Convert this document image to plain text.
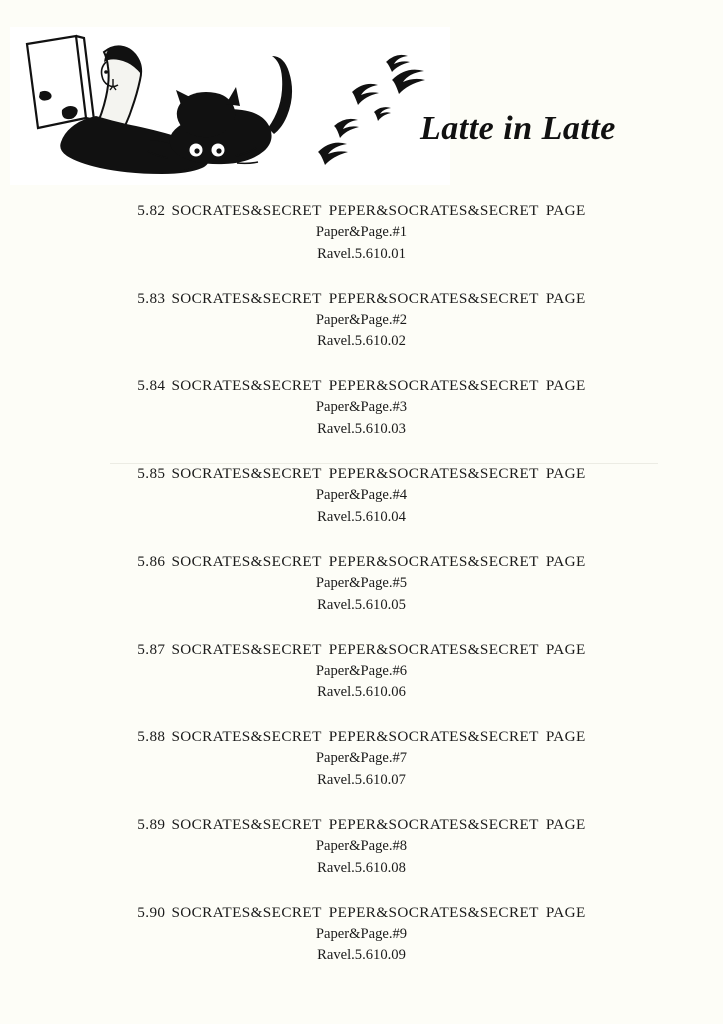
Latte in Latte
5.82 SOCRATES&SECRET PEPER&SOCRATES&SECRET PAGE
Paper&Page.#1
Ravel.5.610.01
5.83 SOCRATES&SECRET PEPER&SOCRATES&SECRET PAGE
Paper&Page.#2
Ravel.5.610.02
5.84 SOCRATES&SECRET PEPER&SOCRATES&SECRET PAGE
Paper&Page.#3
Ravel.5.610.03
5.85 SOCRATES&SECRET PEPER&SOCRATES&SECRET PAGE
Paper&Page.#4
Ravel.5.610.04
5.86 SOCRATES&SECRET PEPER&SOCRATES&SECRET PAGE
Paper&Page.#5
Ravel.5.610.05
5.87 SOCRATES&SECRET PEPER&SOCRATES&SECRET PAGE
Paper&Page.#6
Ravel.5.610.06
5.88 SOCRATES&SECRET PEPER&SOCRATES&SECRET PAGE
Paper&Page.#7
Ravel.5.610.07
5.89 SOCRATES&SECRET PEPER&SOCRATES&SECRET PAGE
Paper&Page.#8
Ravel.5.610.08
5.90 SOCRATES&SECRET PEPER&SOCRATES&SECRET PAGE
Paper&Page.#9
Ravel.5.610.09
